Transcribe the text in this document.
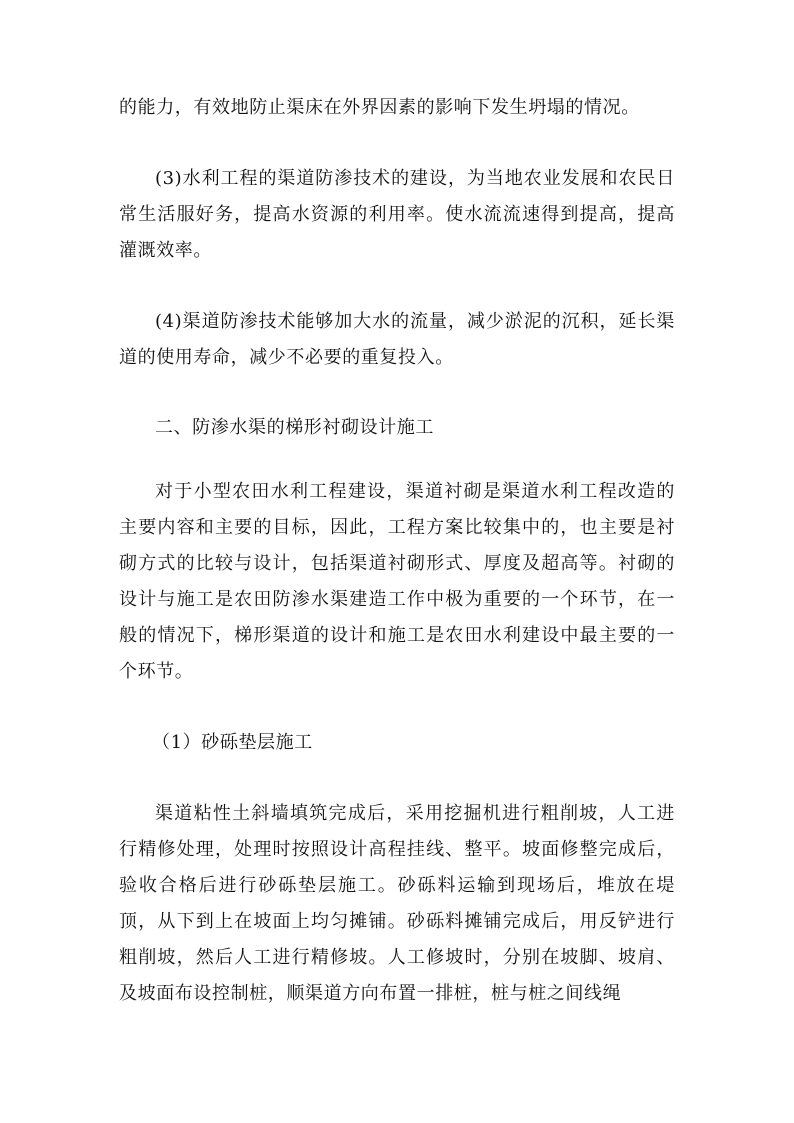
的能力，有效地防止渠床在外界因素的影响下发生坍塌的情况。

(3)水利工程的渠道防渗技术的建设，为当地农业发展和农民日常生活服好务，提高水资源的利用率。使水流流速得到提高，提高灌溉效率。

(4)渠道防渗技术能够加大水的流量，减少淤泥的沉积，延长渠道的使用寿命，减少不必要的重复投入。

二、防渗水渠的梯形衬砌设计施工

对于小型农田水利工程建设，渠道衬砌是渠道水利工程改造的主要内容和主要的目标，因此，工程方案比较集中的，也主要是衬砌方式的比较与设计，包括渠道衬砌形式、厚度及超高等。衬砌的设计与施工是农田防渗水渠建造工作中极为重要的一个环节，在一般的情况下，梯形渠道的设计和施工是农田水利建设中最主要的一个环节。

（1）砂砾垫层施工

渠道粘性土斜墙填筑完成后，采用挖掘机进行粗削坡，人工进行精修处理，处理时按照设计高程挂线、整平。坡面修整完成后，验收合格后进行砂砾垫层施工。砂砾料运输到现场后，堆放在堤顶，从下到上在坡面上均匀摊铺。砂砾料摊铺完成后，用反铲进行粗削坡，然后人工进行精修坡。人工修坡时，分别在坡脚、坡肩、及坡面布设控制桩，顺渠道方向布置一排桩，桩与桩之间线绳
